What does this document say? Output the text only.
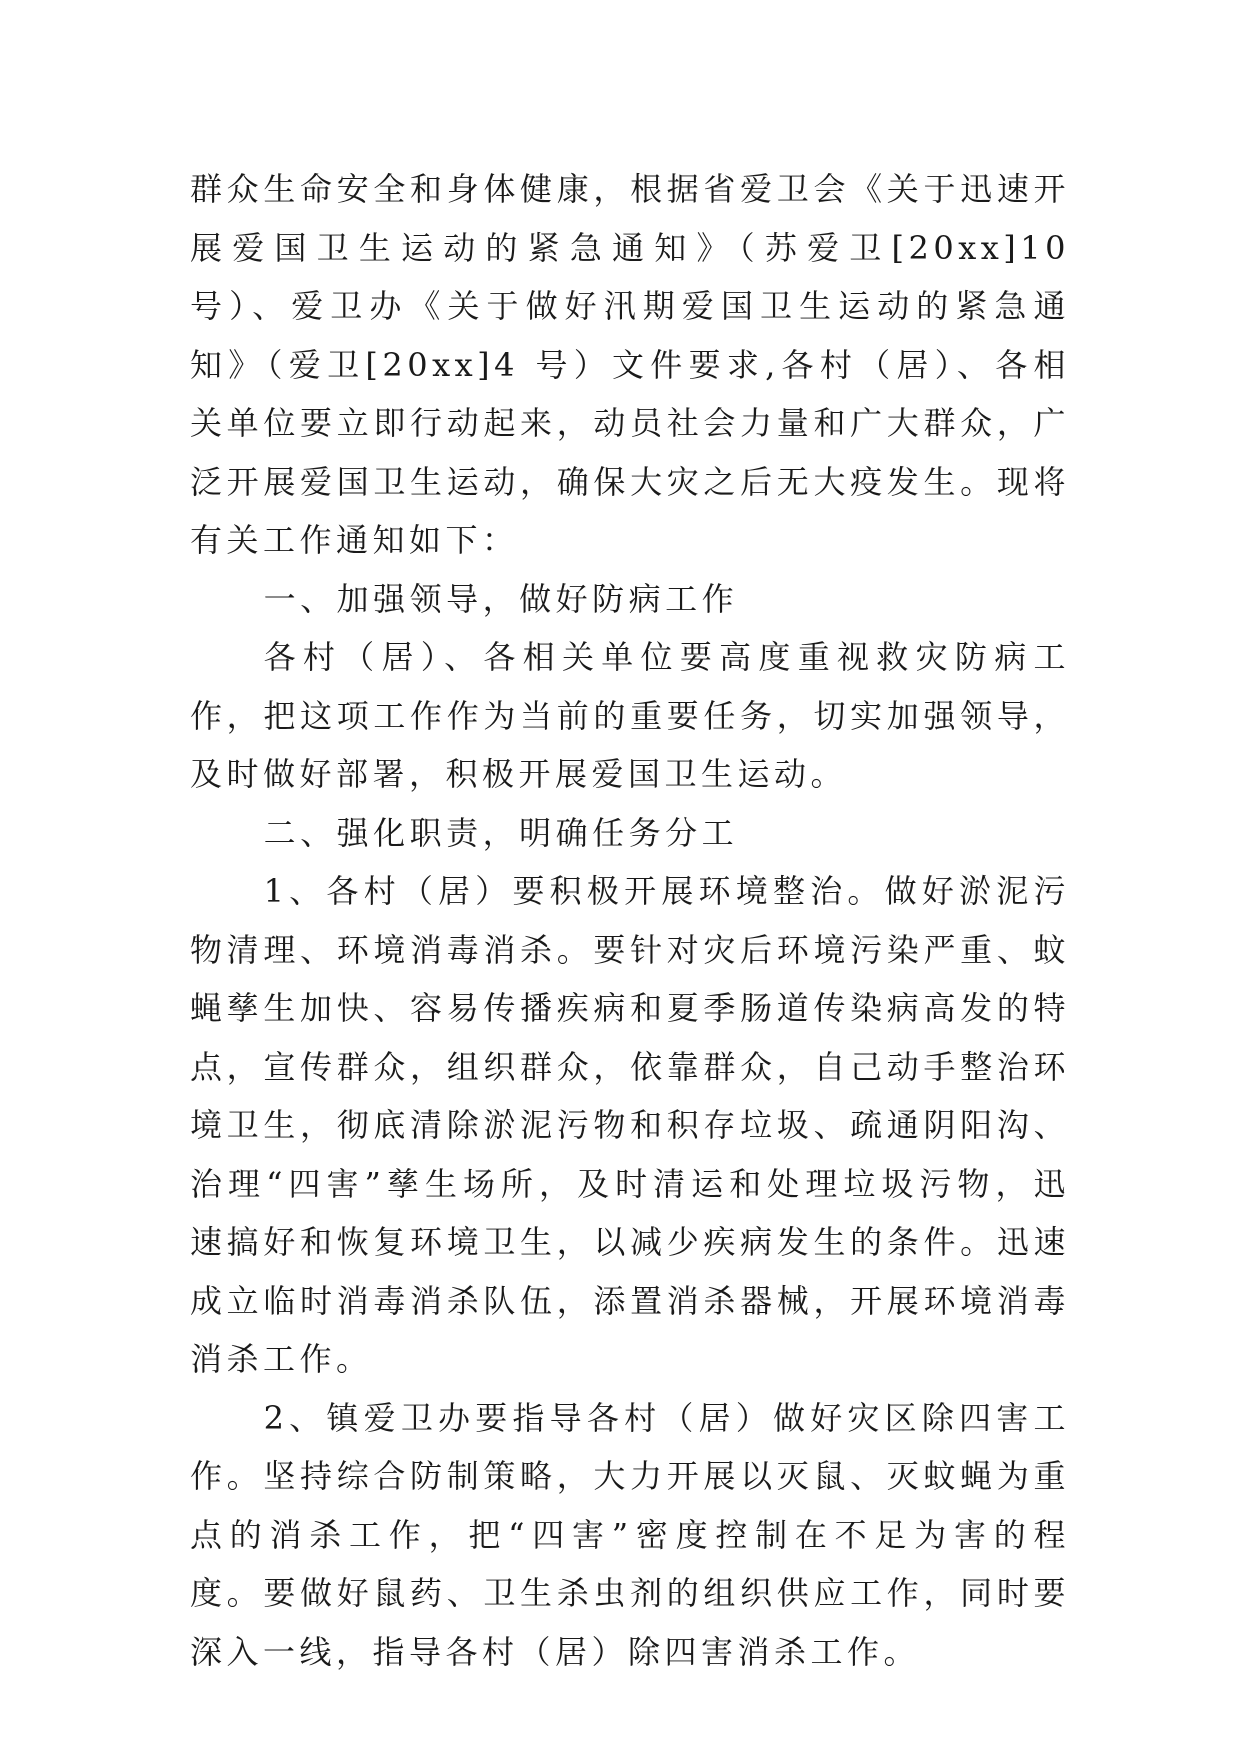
群众生命安全和身体健康，根据省爱卫会《关于迅速开展爱国卫生运动的紧急通知》（苏爱卫[20xx]10 号）、爱卫办《关于做好汛期爱国卫生运动的紧急通知》（爱卫[20xx]4 号）文件要求,各村（居）、各相关单位要立即行动起来，动员社会力量和广大群众，广泛开展爱国卫生运动，确保大灾之后无大疫发生。现将有关工作通知如下：

一、加强领导，做好防病工作

各村（居）、各相关单位要高度重视救灾防病工作，把这项工作作为当前的重要任务，切实加强领导，及时做好部署，积极开展爱国卫生运动。

二、强化职责，明确任务分工

1、各村（居）要积极开展环境整治。做好淤泥污物清理、环境消毒消杀。要针对灾后环境污染严重、蚊蝇孳生加快、容易传播疾病和夏季肠道传染病高发的特点，宣传群众，组织群众，依靠群众，自己动手整治环境卫生，彻底清除淤泥污物和积存垃圾、疏通阴阳沟、治理“四害”孳生场所，及时清运和处理垃圾污物，迅速搞好和恢复环境卫生，以减少疾病发生的条件。迅速成立临时消毒消杀队伍，添置消杀器械，开展环境消毒消杀工作。

2、镇爱卫办要指导各村（居）做好灾区除四害工作。坚持综合防制策略，大力开展以灭鼠、灭蚊蝇为重点的消杀工作，把“四害”密度控制在不足为害的程度。要做好鼠药、卫生杀虫剂的组织供应工作，同时要深入一线，指导各村（居）除四害消杀工作。
